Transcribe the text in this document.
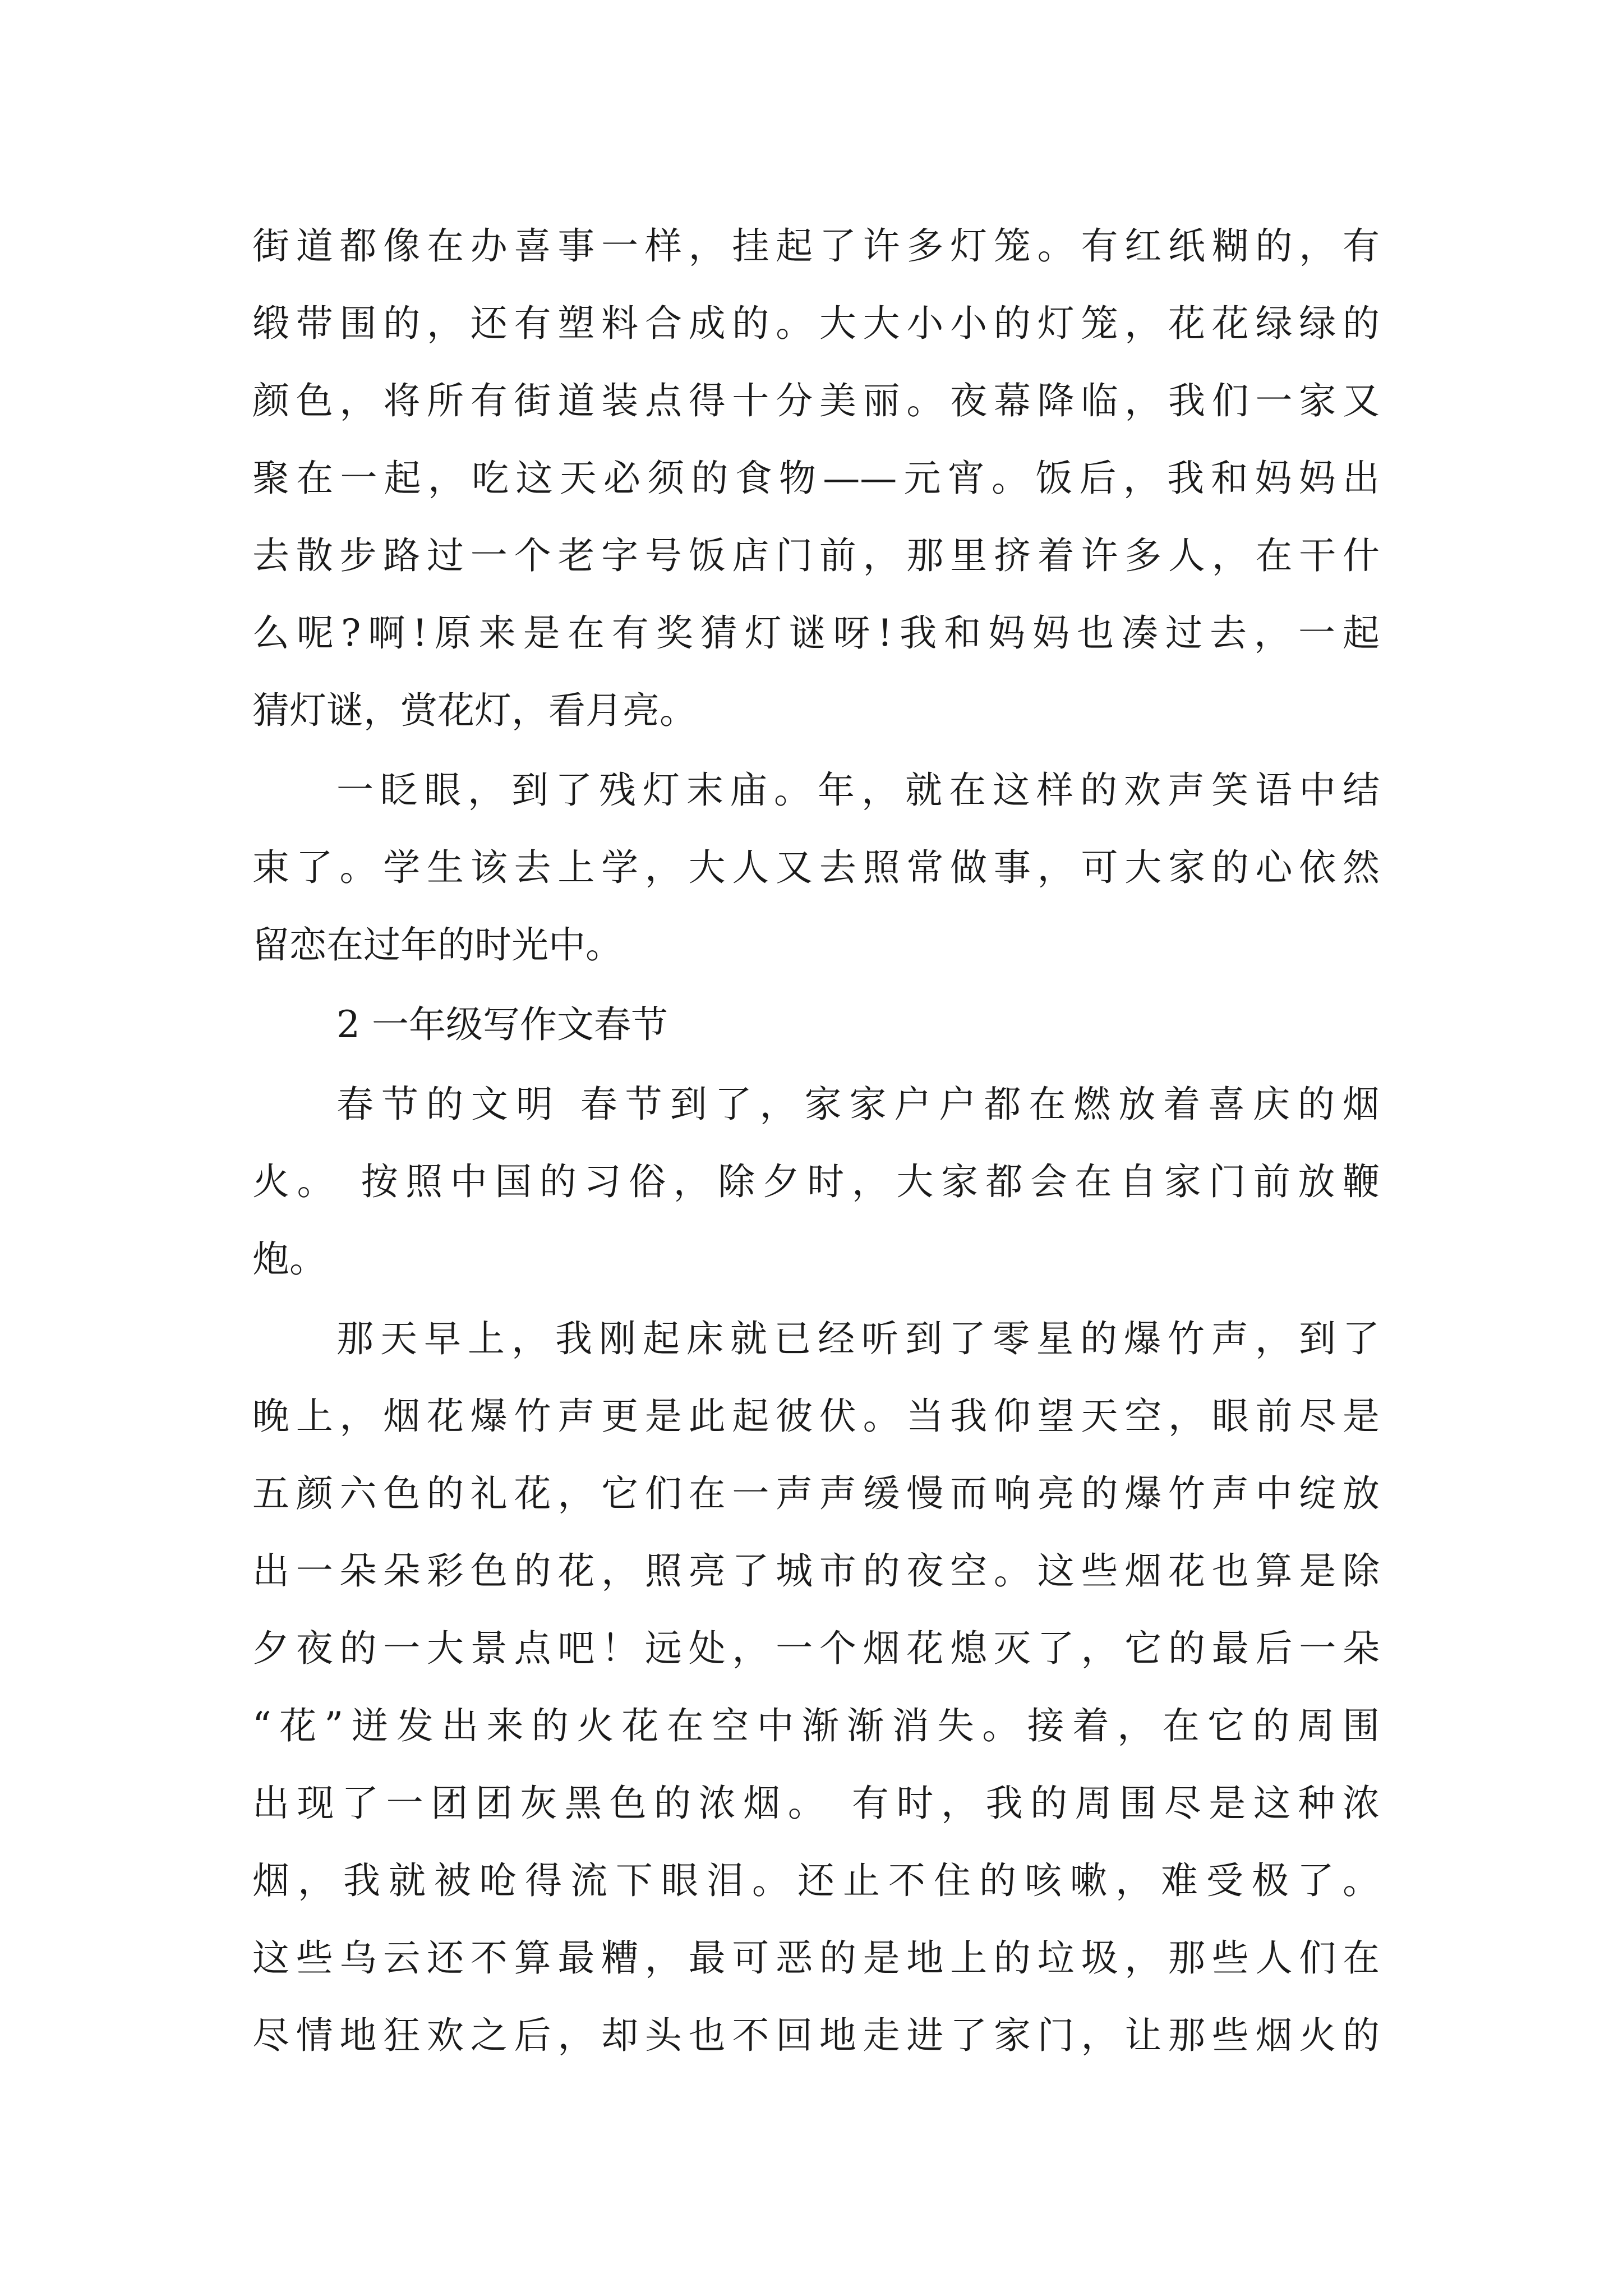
街道都像在办喜事一样，挂起了许多灯笼。有红纸糊的，有
缎带围的，还有塑料合成的。大大小小的灯笼，花花绿绿的
颜色，将所有街道装点得十分美丽。夜幕降临，我们一家又
聚在一起，吃这天必须的食物——元宵。饭后，我和妈妈出
去散步路过一个老字号饭店门前，那里挤着许多人，在干什
么呢?啊!原来是在有奖猜灯谜呀!我和妈妈也凑过去，一起
猜灯谜，赏花灯，看月亮。
一眨眼，到了残灯末庙。年，就在这样的欢声笑语中结
束了。学生该去上学，大人又去照常做事，可大家的心依然
留恋在过年的时光中。
2 一年级写作文春节
春节的文明 春节到了，家家户户都在燃放着喜庆的烟
火。 按照中国的习俗，除夕时，大家都会在自家门前放鞭
炮。
那天早上，我刚起床就已经听到了零星的爆竹声，到了
晚上，烟花爆竹声更是此起彼伏。当我仰望天空，眼前尽是
五颜六色的礼花，它们在一声声缓慢而响亮的爆竹声中绽放
出一朵朵彩色的花，照亮了城市的夜空。这些烟花也算是除
夕夜的一大景点吧！远处，一个烟花熄灭了，它的最后一朵
“花”迸发出来的火花在空中渐渐消失。接着，在它的周围
出现了一团团灰黑色的浓烟。 有时，我的周围尽是这种浓
烟，我就被呛得流下眼泪。还止不住的咳嗽，难受极了。
这些乌云还不算最糟，最可恶的是地上的垃圾，那些人们在
尽情地狂欢之后，却头也不回地走进了家门，让那些烟火的
